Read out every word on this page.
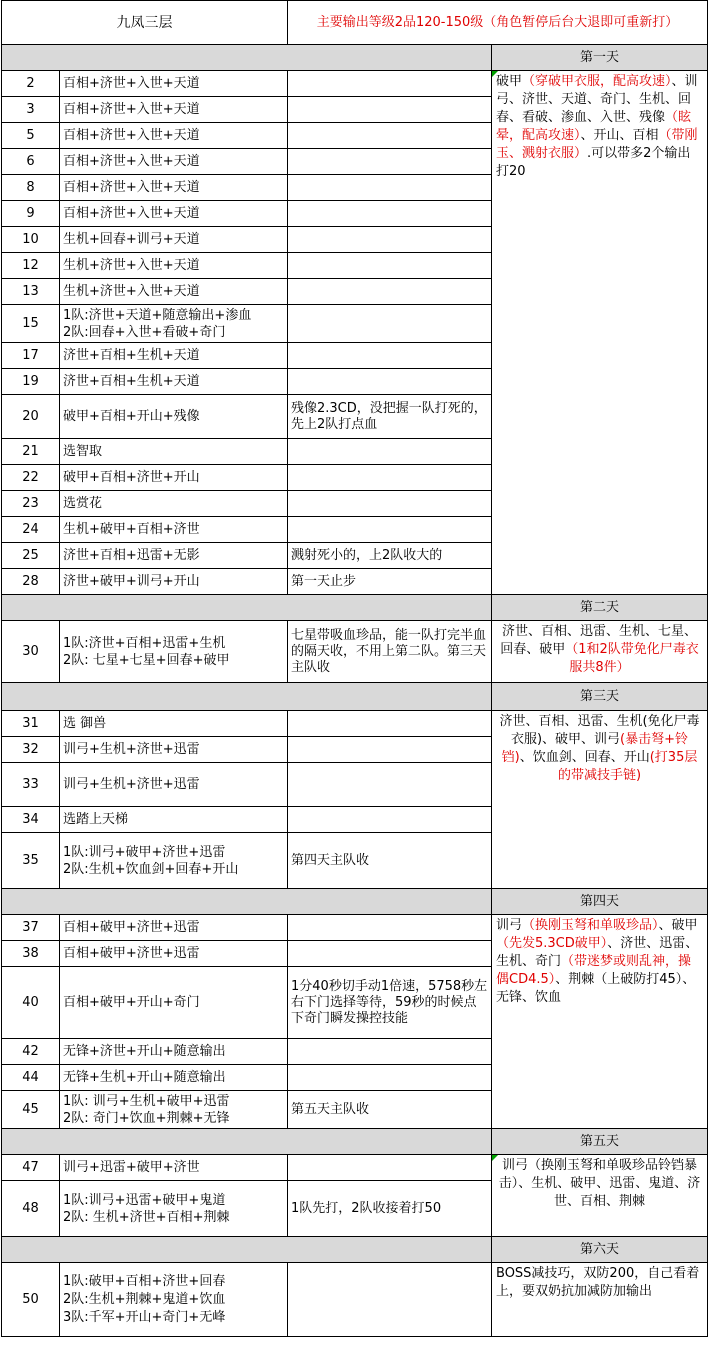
九凤三层		主要输出等级2品120-150级（角色暂停后台大退即可重新打）	
			第一天
2	百相+济世+入世+天道		破甲（穿破甲衣服，配高攻速）、训弓、济世、天道、奇门、生机、回春、看破、渗血、入世、残像（眩晕，配高攻速）、开山、百相（带刚玉、溅射衣服）.可以带多2个输出打20
3	百相+济世+入世+天道		

5	百相+济世+入世+天道		

6	百相+济世+入世+天道		

8	百相+济世+入世+天道		

9	百相+济世+入世+天道		

10	生机+回春+训弓+天道		

12	生机+济世+入世+天道		

13	生机+济世+入世+天道		

15	1队:济世+天道+随意输出+渗血
2队:回春+入世+看破+奇门		

17	济世+百相+生机+天道		

19	济世+百相+生机+天道		

20	破甲+百相+开山+残像	残像2.3CD，没把握一队打死的，先上2队打点血	
21	选智取		

22	破甲+百相+济世+开山		

23	选赏花		

24	生机+破甲+百相+济世		

25	济世+百相+迅雷+无影	溅射死小的，上2队收大的	
28	济世+破甲+训弓+开山	第一天止步	
			第二天
30	1队:济世+百相+迅雷+生机
2队: 七星+七星+回春+破甲	七星带吸血珍品，能一队打完半血的隔天收，不用上第二队。第三天主队收	济世、百相、迅雷、生机、七星、回春、破甲（1和2队带免化尸毒衣服共8件）
			第三天
31	选 御兽		济世、百相、迅雷、生机(免化尸毒衣服)、破甲、训弓(暴击弩+铃铛)、饮血剑、回春、开山(打35层的带减技手链)
32	训弓+生机+济世+迅雷		

33	训弓+生机+济世+迅雷		

34	选踏上天梯		

35	1队:训弓+破甲+济世+迅雷
2队:生机+饮血剑+回春+开山	第四天主队收	
			第四天
37	百相+破甲+济世+迅雷		训弓（换刚玉弩和单吸珍品）、破甲（先发5.3CD破甲）、济世、迅雷、生机、奇门（带迷梦或则乱神，操偶CD4.5）、荆棘（上破防打45）、无锋、饮血
38	百相+破甲+济世+迅雷		

40	百相+破甲+开山+奇门	1分40秒切手动1倍速，5758秒左右下门选择等待，59秒的时候点下奇门瞬发操控技能	
42	无锋+济世+开山+随意输出		

44	无锋+生机+开山+随意输出		

45	1队: 训弓+生机+破甲+迅雷
2队: 奇门+饮血+荆棘+无锋	第五天主队收	
			第五天
47	训弓+迅雷+破甲+济世		训弓（换刚玉弩和单吸珍品铃铛暴击）、生机、破甲、迅雷、鬼道、济世、百相、荆棘
48	1队:训弓+迅雷+破甲+鬼道
2队: 生机+济世+百相+荆棘	1队先打，2队收接着打50	
			第六天
50	1队:破甲+百相+济世+回春
2队:生机+荆棘+鬼道+饮血
3队:千军+开山+奇门+无峰		BOSS减技巧，双防200，自己看着上，要双奶抗加减防加输出
